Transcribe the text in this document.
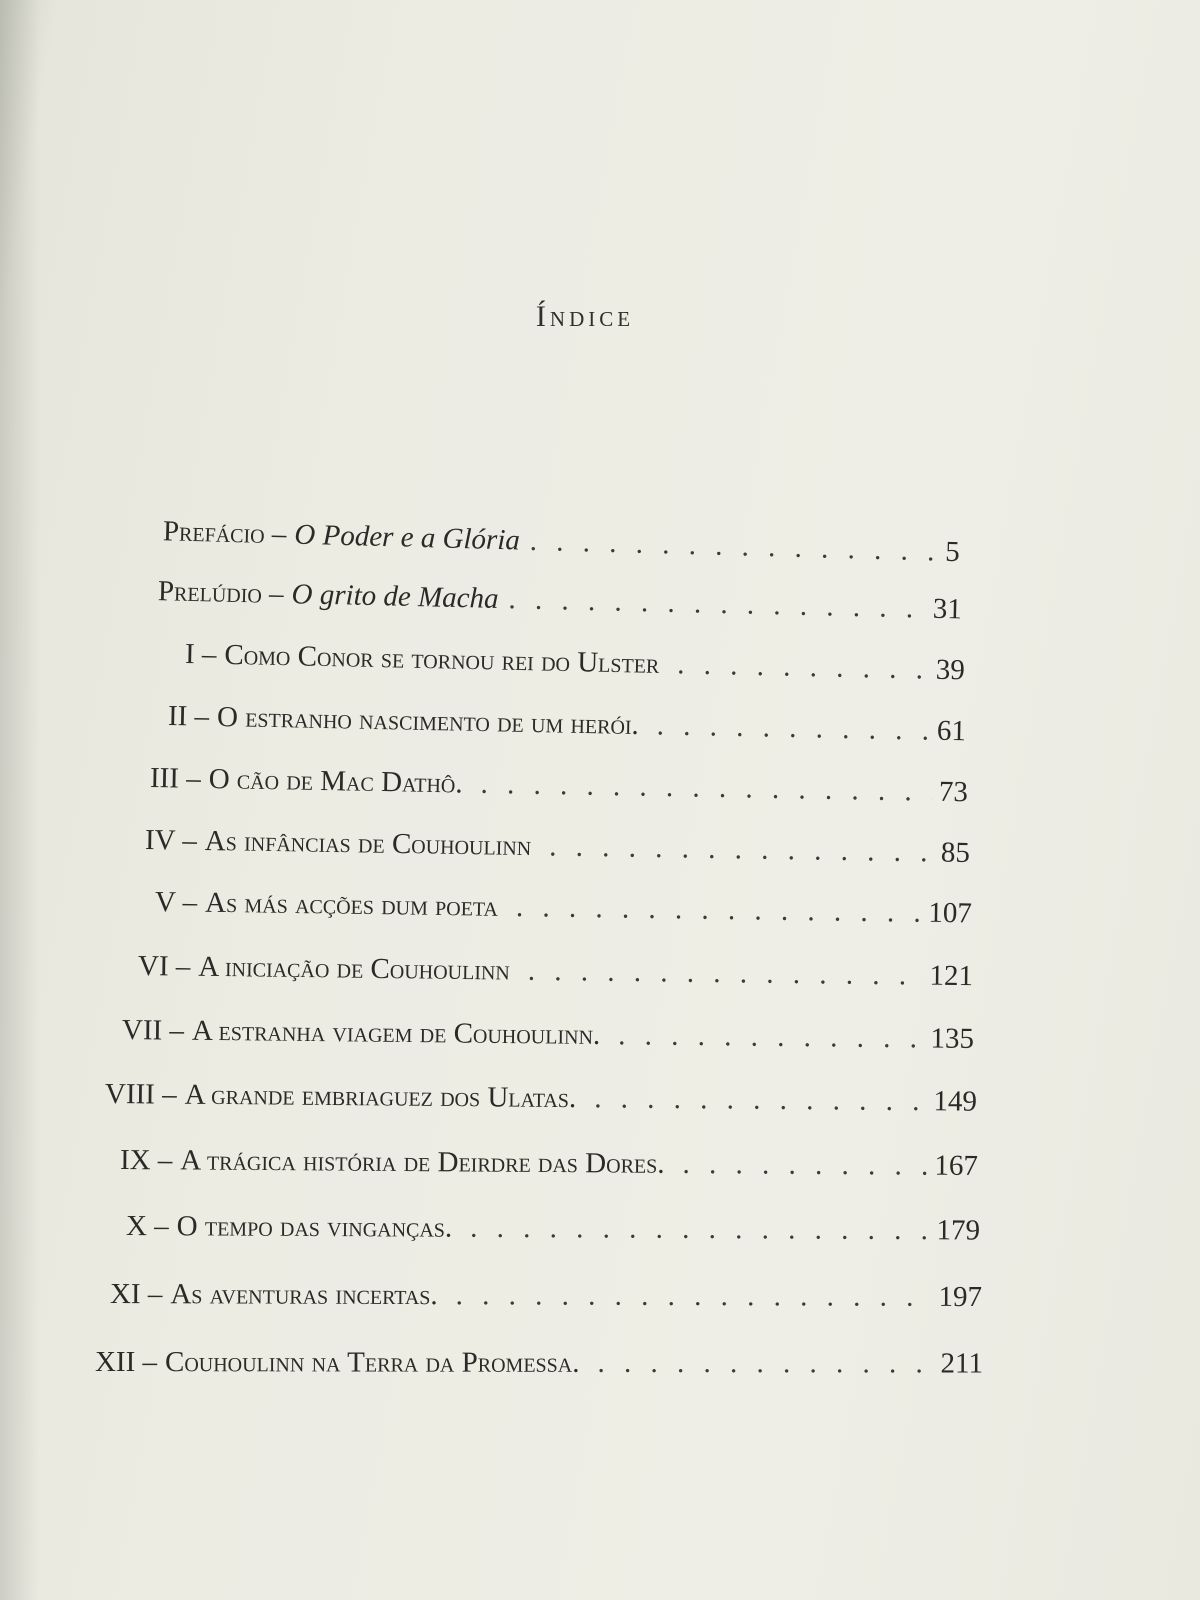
Índice
Prefácio – O Poder e a Glória . . .	5
Prelúdio – O grito de Macha . . .	31
I – Como Conor se tornou rei do Ulster . . .	39
II – O estranho nascimento de um herói. . . .	61
III – O cão de Mac Dathô. . . .	73
IV – As infâncias de Couhoulinn . . .	85
V – As más acções dum poeta . . .	107
VI – A iniciação de Couhoulinn . . .	121
VII – A estranha viagem de Couhoulinn. . . .	135
VIII – A grande embriaguez dos Ulatas. . . .	149
IX – A trágica história de Deirdre das Dores. . . .	167
X – O tempo das vinganças. . . .	179
XI – As aventuras incertas. . . .	197
XII – Couhoulinn na Terra da Promessa. . . .	211
